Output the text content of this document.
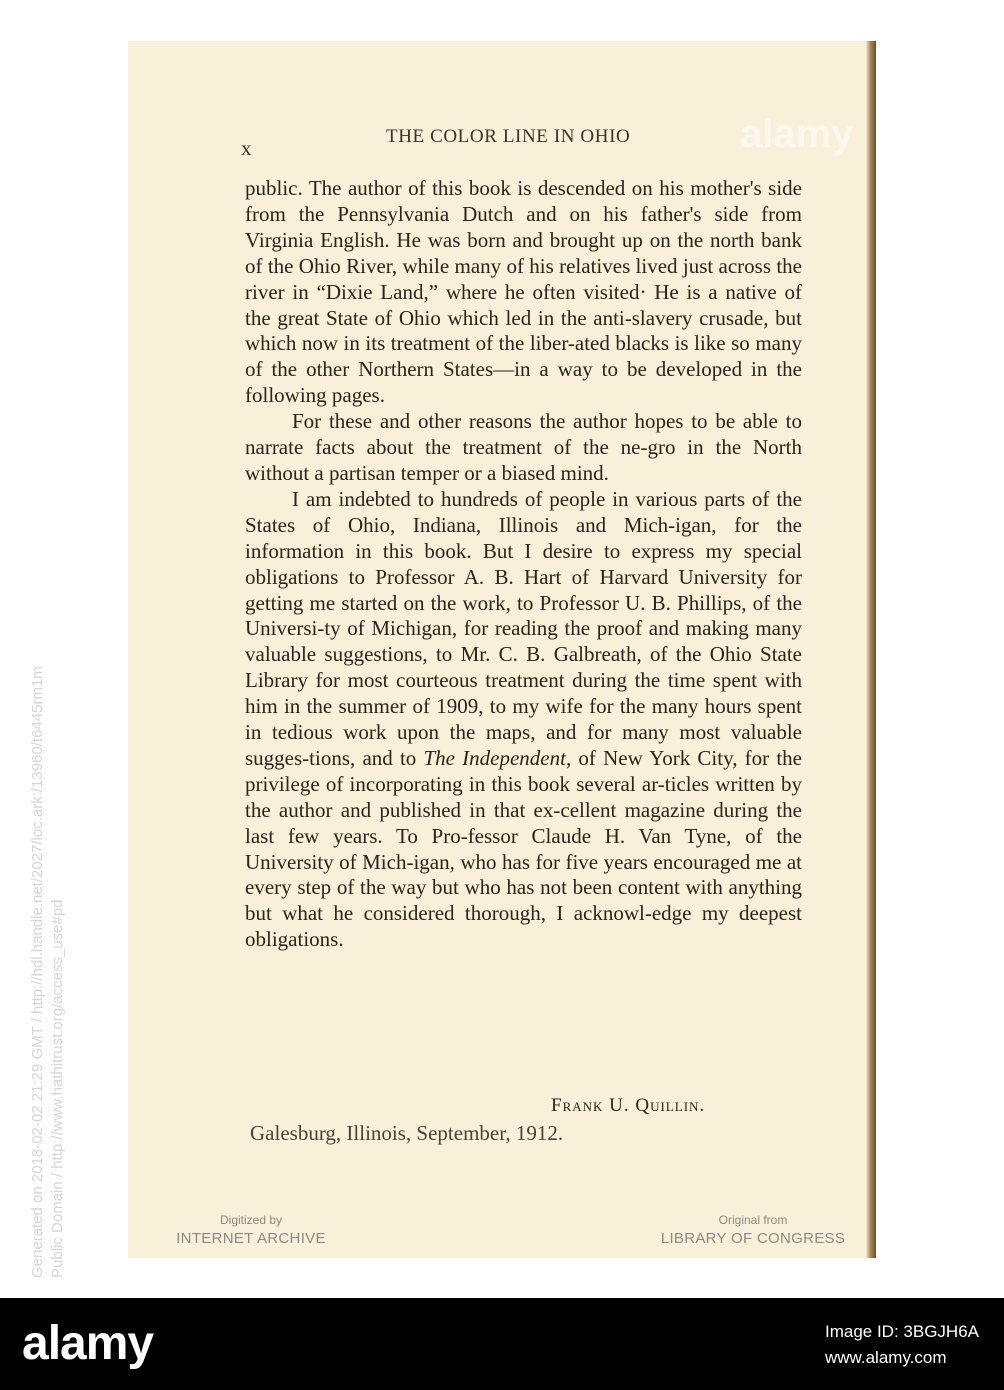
alamy
Generated on 2018-02-02 21:29 GMT / http://hdl.handle.net/2027/loc.ark:/13960/t6445rm1m Public Domain / http://www.hathitrust.org/access_use#pd
x	THE COLOR LINE IN OHIO

public. The author of this book is descended on his mother's side from the Pennsylvania Dutch and on his father's side from Virginia English. He was born and brought up on the north bank of the Ohio River, while many of his relatives lived just across the river in “Dixie Land,” where he often visited· He is a native of the great State of Ohio which led in the anti-slavery crusade, but which now in its treatment of the liber-ated blacks is like so many of the other Northern States—in a way to be developed in the following pages.

For these and other reasons the author hopes to be able to narrate facts about the treatment of the ne-gro in the North without a partisan temper or a biased mind.

I am indebted to hundreds of people in various parts of the States of Ohio, Indiana, Illinois and Mich-igan, for the information in this book. But I desire to express my special obligations to Professor A. B. Hart of Harvard University for getting me started on the work, to Professor U. B. Phillips, of the Universi-ty of Michigan, for reading the proof and making many valuable suggestions, to Mr. C. B. Galbreath, of the Ohio State Library for most courteous treatment during the time spent with him in the summer of 1909, to my wife for the many hours spent in tedious work upon the maps, and for many most valuable sugges-tions, and to The Independent, of New York City, for the privilege of incorporating in this book several ar-ticles written by the author and published in that ex-cellent magazine during the last few years. To Pro-fessor Claude H. Van Tyne, of the University of Mich-igan, who has for five years encouraged me at every step of the way but who has not been content with anything but what he considered thorough, I acknowl-edge my deepest obligations.

Frank U. Quillin.
Galesburg, Illinois, September, 1912.
Digitized by
INTERNET ARCHIVE
Original from
LIBRARY OF CONGRESS
alamy	Image ID: 3BGJH6A
www.alamy.com
